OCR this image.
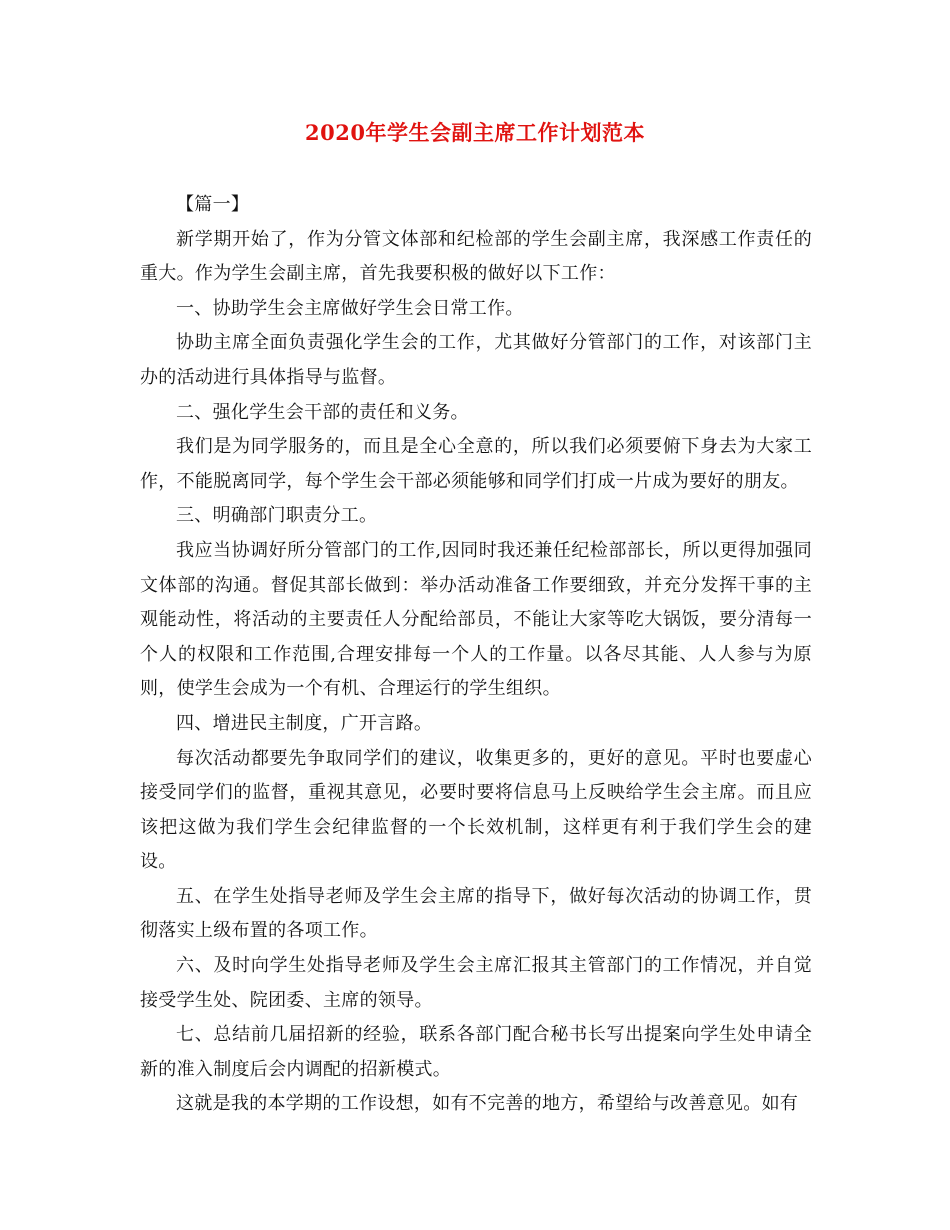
2020年学生会副主席工作计划范本

【篇一】

新学期开始了，作为分管文体部和纪检部的学生会副主席，我深感工作责任的重大。作为学生会副主席，首先我要积极的做好以下工作：

一、协助学生会主席做好学生会日常工作。

协助主席全面负责强化学生会的工作，尤其做好分管部门的工作，对该部门主办的活动进行具体指导与监督。

二、强化学生会干部的责任和义务。

我们是为同学服务的，而且是全心全意的，所以我们必须要俯下身去为大家工作，不能脱离同学，每个学生会干部必须能够和同学们打成一片成为要好的朋友。

三、明确部门职责分工。

我应当协调好所分管部门的工作,因同时我还兼任纪检部部长，所以更得加强同文体部的沟通。督促其部长做到：举办活动准备工作要细致，并充分发挥干事的主观能动性，将活动的主要责任人分配给部员，不能让大家等吃大锅饭，要分清每一个人的权限和工作范围,合理安排每一个人的工作量。以各尽其能、人人参与为原则，使学生会成为一个有机、合理运行的学生组织。

四、增进民主制度，广开言路。

每次活动都要先争取同学们的建议，收集更多的，更好的意见。平时也要虚心接受同学们的监督，重视其意见，必要时要将信息马上反映给学生会主席。而且应该把这做为我们学生会纪律监督的一个长效机制，这样更有利于我们学生会的建设。

五、在学生处指导老师及学生会主席的指导下，做好每次活动的协调工作，贯彻落实上级布置的各项工作。

六、及时向学生处指导老师及学生会主席汇报其主管部门的工作情况，并自觉接受学生处、院团委、主席的领导。

七、总结前几届招新的经验，联系各部门配合秘书长写出提案向学生处申请全新的准入制度后会内调配的招新模式。

这就是我的本学期的工作设想，如有不完善的地方，希望给与改善意见。如有
